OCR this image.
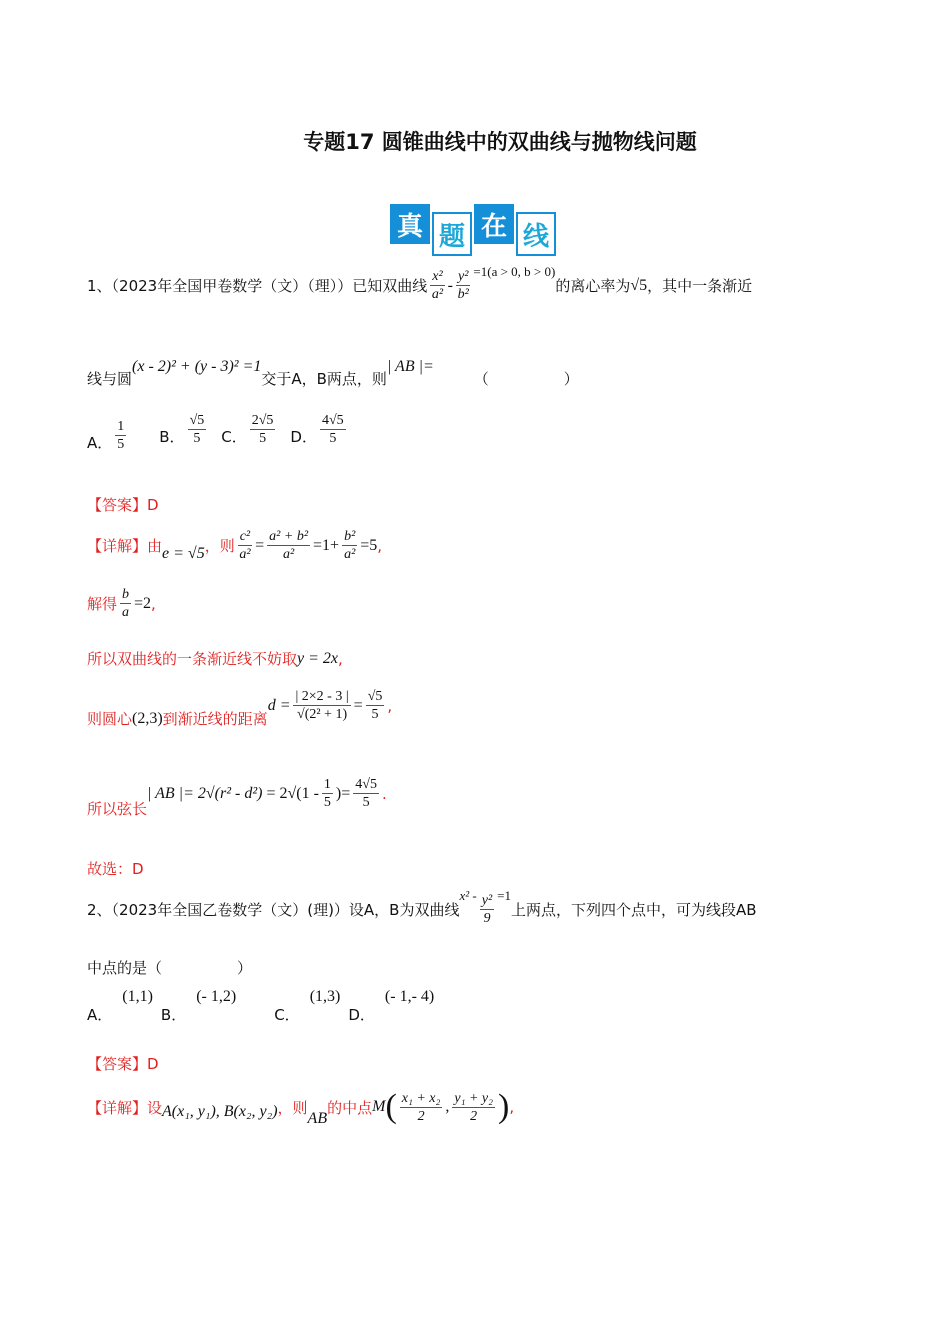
专题17 圆锥曲线中的双曲线与抛物线问题
真 题 在 线
1、（2023年全国甲卷数学（文）（理））已知双曲线 $\frac{\text{x²}}{\text{a²}} - \frac{\text{y²}}{\text{b²}} =1(a > 0$, b > 0)
的离心率为 √5 ，其中一条渐近
线与圆
(x - 2)² + (y - 3)² =1
交于A，B两点，则
| AB |=
（　　　　　）
A． $\frac{1}{5}$ B． $\frac{√5}{5}$ C． $\frac{2√5}{5}$ D． $\frac{4√5}{5}$
【答案】 D
【详解】由 e = √5 ，则 $\frac{\text{c²}}{\text{a²}} = \frac{\text{a² + b²}}{\text{a²}} =1+ \frac{\text{b²}}{\text{a²}} =5$ ,
解得 $\frac{b}{a} =2$ ,
所以双曲线的一条渐近线不妨取 y = 2x ,
则圆心 (2,3) 到渐近线的距离
$d = \frac{| 2\times 2 - 3 |}{\text{√(2² + 1)}} = \frac{√5}{5}$ ,
所以弦长
| AB |= $2√(r^2 - d^2) = 2√(1 - \frac{1}{5}$ ) = $\frac{4√5}{5}$ .
故选：D
2、（2023年全国乙卷数学（文）(理)）设A，B为双曲线
$x^2 - \frac{\text{y²}}{9} =1$
上两点，下列四个点中，可为线段AB
中点的是（　　　　　）
A．
(1,1)
B．
(- 1,2)
C．
(1,3)
D．
(- 1,- 4)
【答案】 D
【详解】设 A(x₁, y₁), B(x₂, y₂) ，则
AB
的中点 M ( $\frac{\text{x₁ + x₂}}{2}$ , $\frac{\text{y₁ + y₂}}{2}$ ) ,
